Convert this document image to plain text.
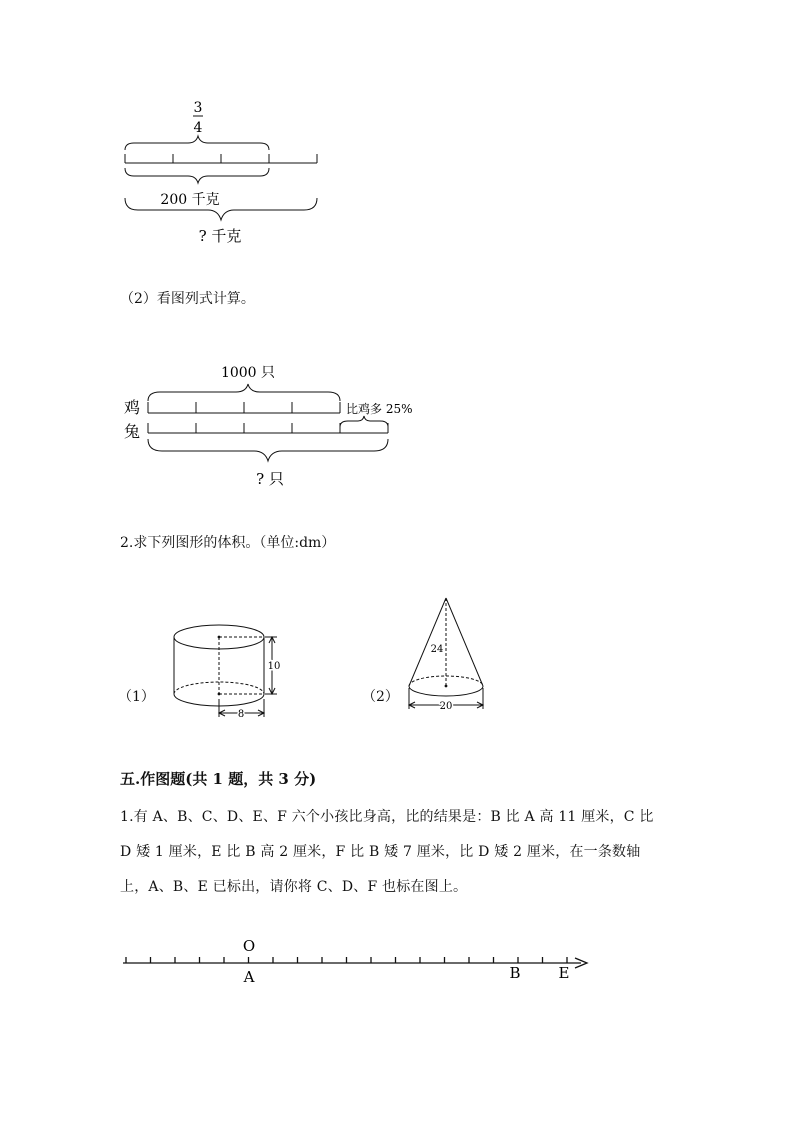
3
4
200 千克
? 千克
（2）看图列式计算。
1000 只
鸡	比鸡多 25%
兔
? 只
2.求下列图形的体积。（单位:dm）
（1）
10
8
（2）
24
20
五.作图题(共 1 题，共 3 分)
1.有 A、B、C、D、E、F 六个小孩比身高，比的结果是：B 比 A 高 11 厘米，C 比 D 矮 1 厘米，E 比 B 高 2 厘米，F 比 B 矮 7 厘米，比 D 矮 2 厘米，在一条数轴上，A、B、E 已标出，请你将 C、D、F 也标在图上。
O
A	B	E
